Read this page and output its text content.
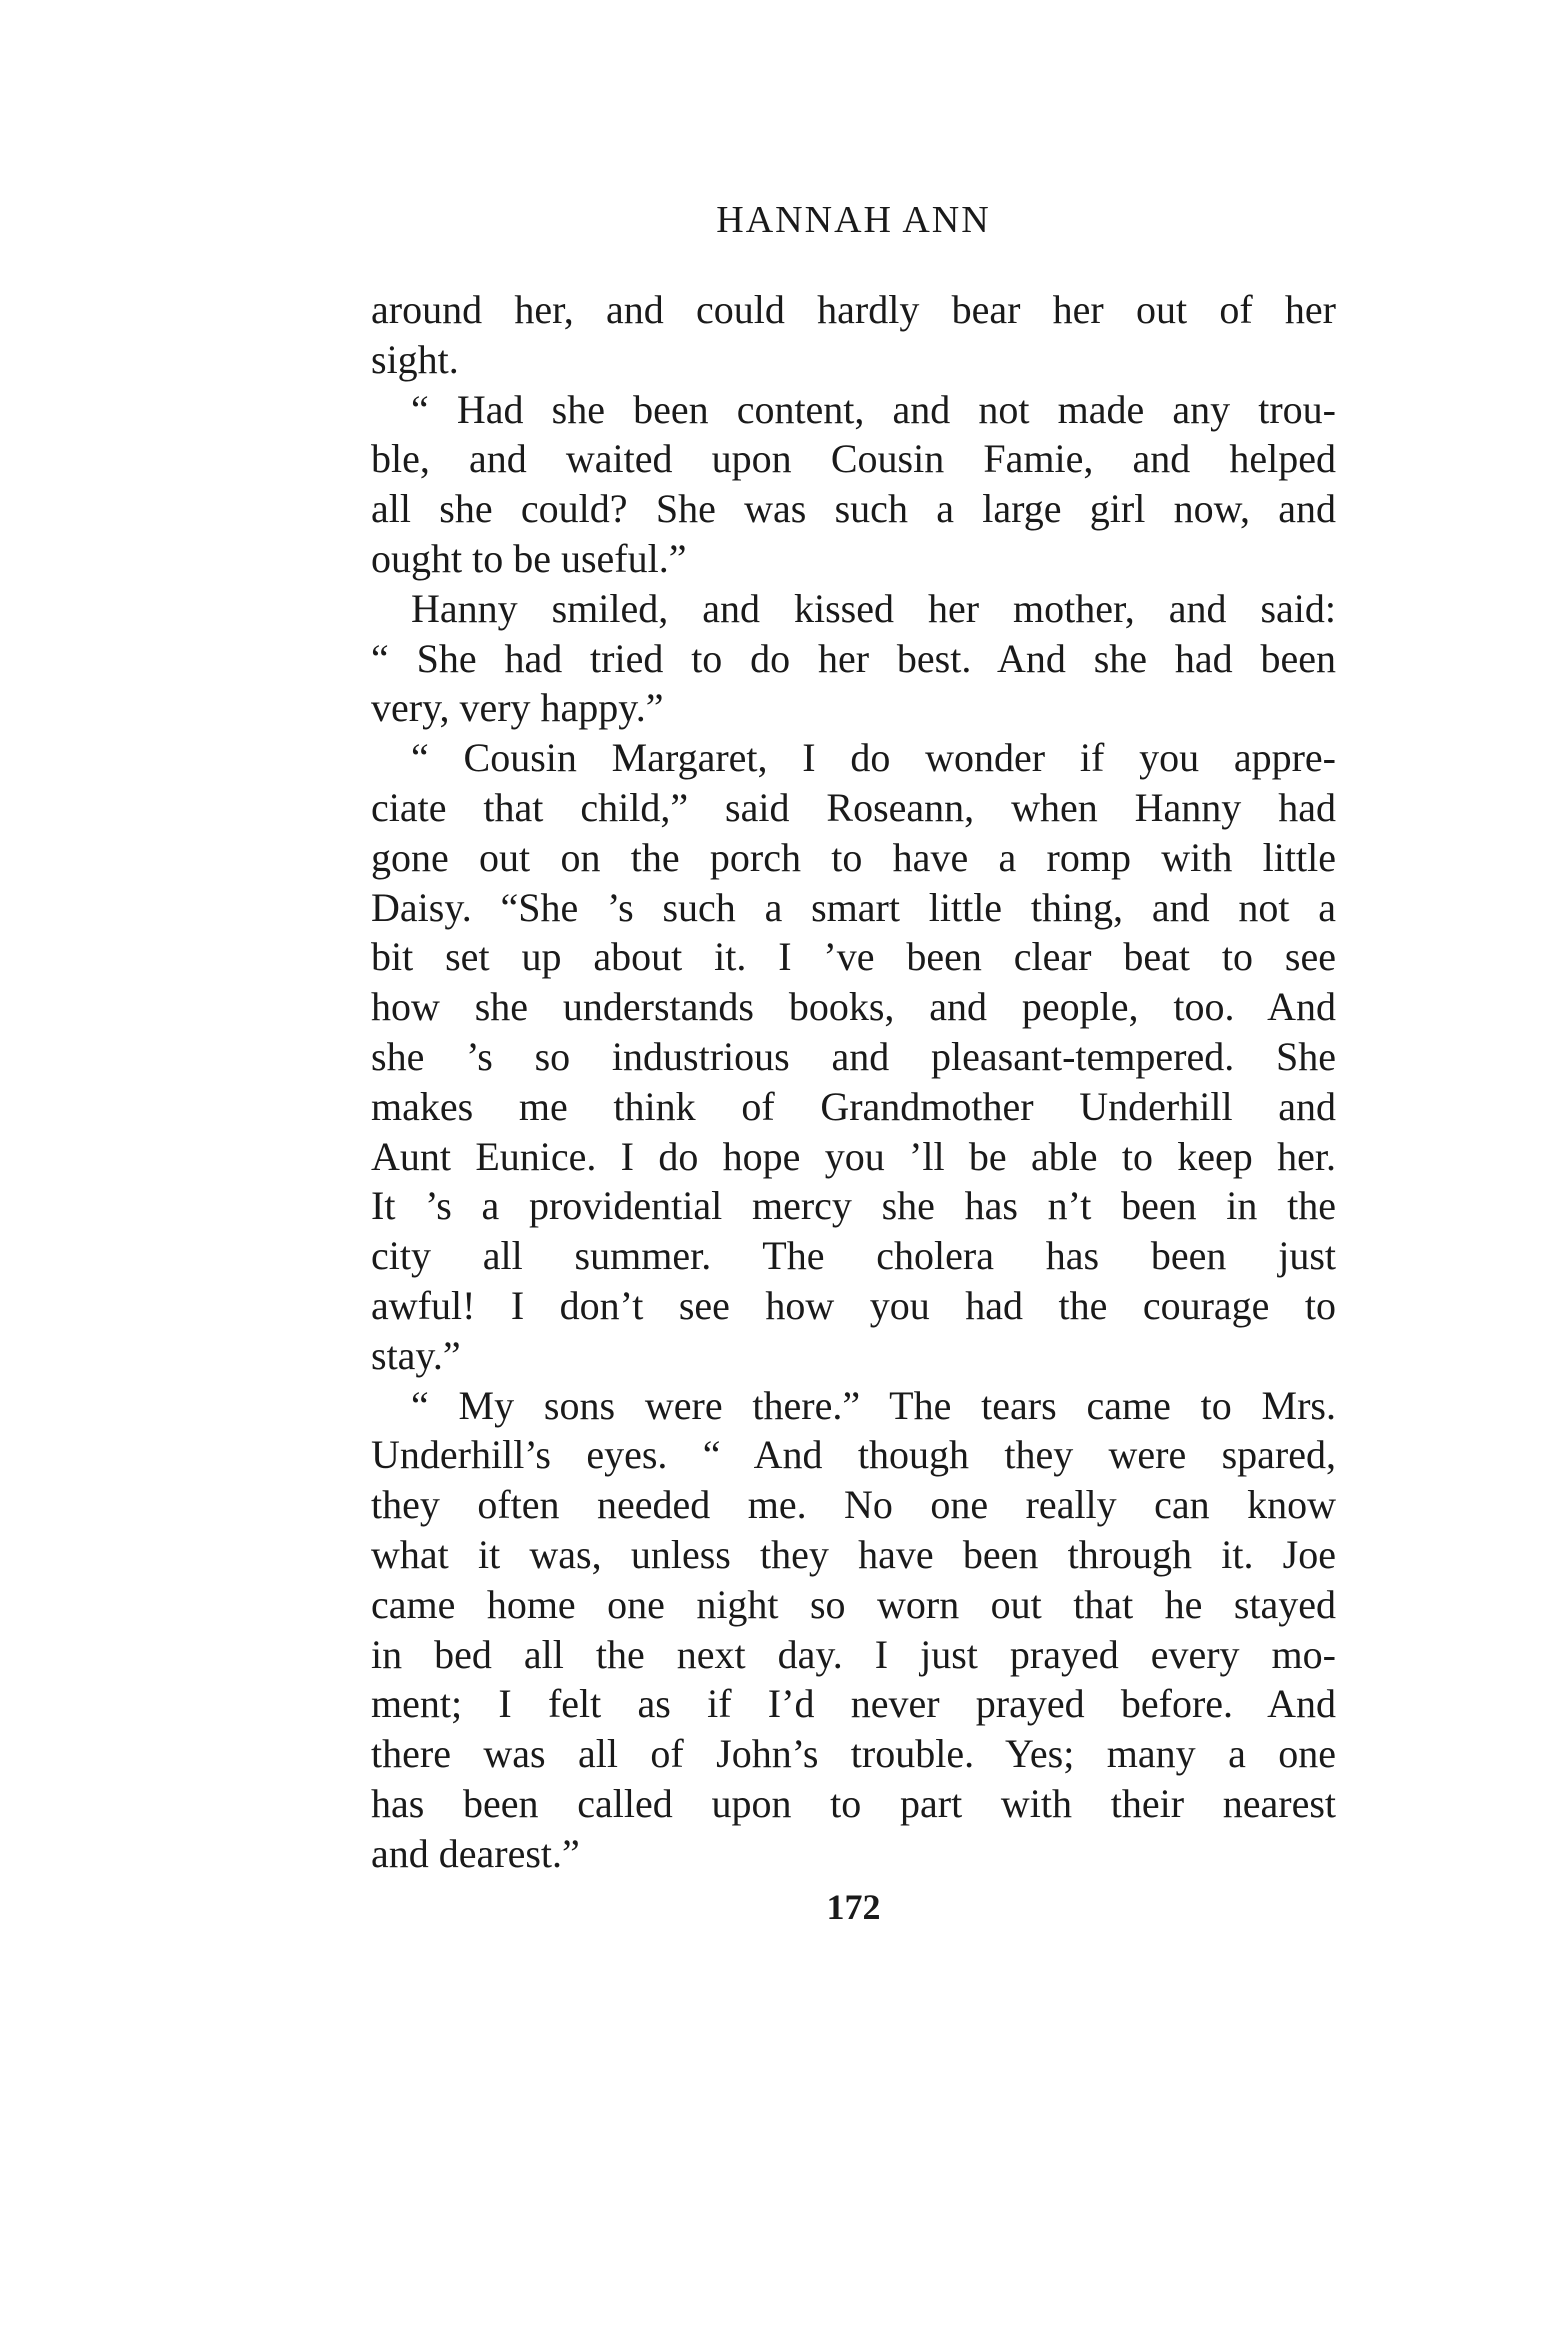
HANNAH ANN
around her, and could hardly bear her out of her
sight.
“ Had she been content, and not made any trou-
ble, and waited upon Cousin Famie, and helped
all she could? She was such a large girl now, and
ought to be useful.”
Hanny smiled, and kissed her mother, and said:
“ She had tried to do her best. And she had been
very, very happy.”
“ Cousin Margaret, I do wonder if you appre-
ciate that child,” said Roseann, when Hanny had
gone out on the porch to have a romp with little
Daisy. “She ’s such a smart little thing, and not a
bit set up about it. I ’ve been clear beat to see
how she understands books, and people, too. And
she ’s so industrious and pleasant-tempered. She
makes me think of Grandmother Underhill and
Aunt Eunice. I do hope you ’ll be able to keep her.
It ’s a providential mercy she has n’t been in the
city all summer. The cholera has been just
awful! I don’t see how you had the courage to
stay.”
“ My sons were there.” The tears came to Mrs.
Underhill’s eyes. “ And though they were spared,
they often needed me. No one really can know
what it was, unless they have been through it. Joe
came home one night so worn out that he stayed
in bed all the next day. I just prayed every mo-
ment; I felt as if I’d never prayed before. And
there was all of John’s trouble. Yes; many a one
has been called upon to part with their nearest
and dearest.”
172
